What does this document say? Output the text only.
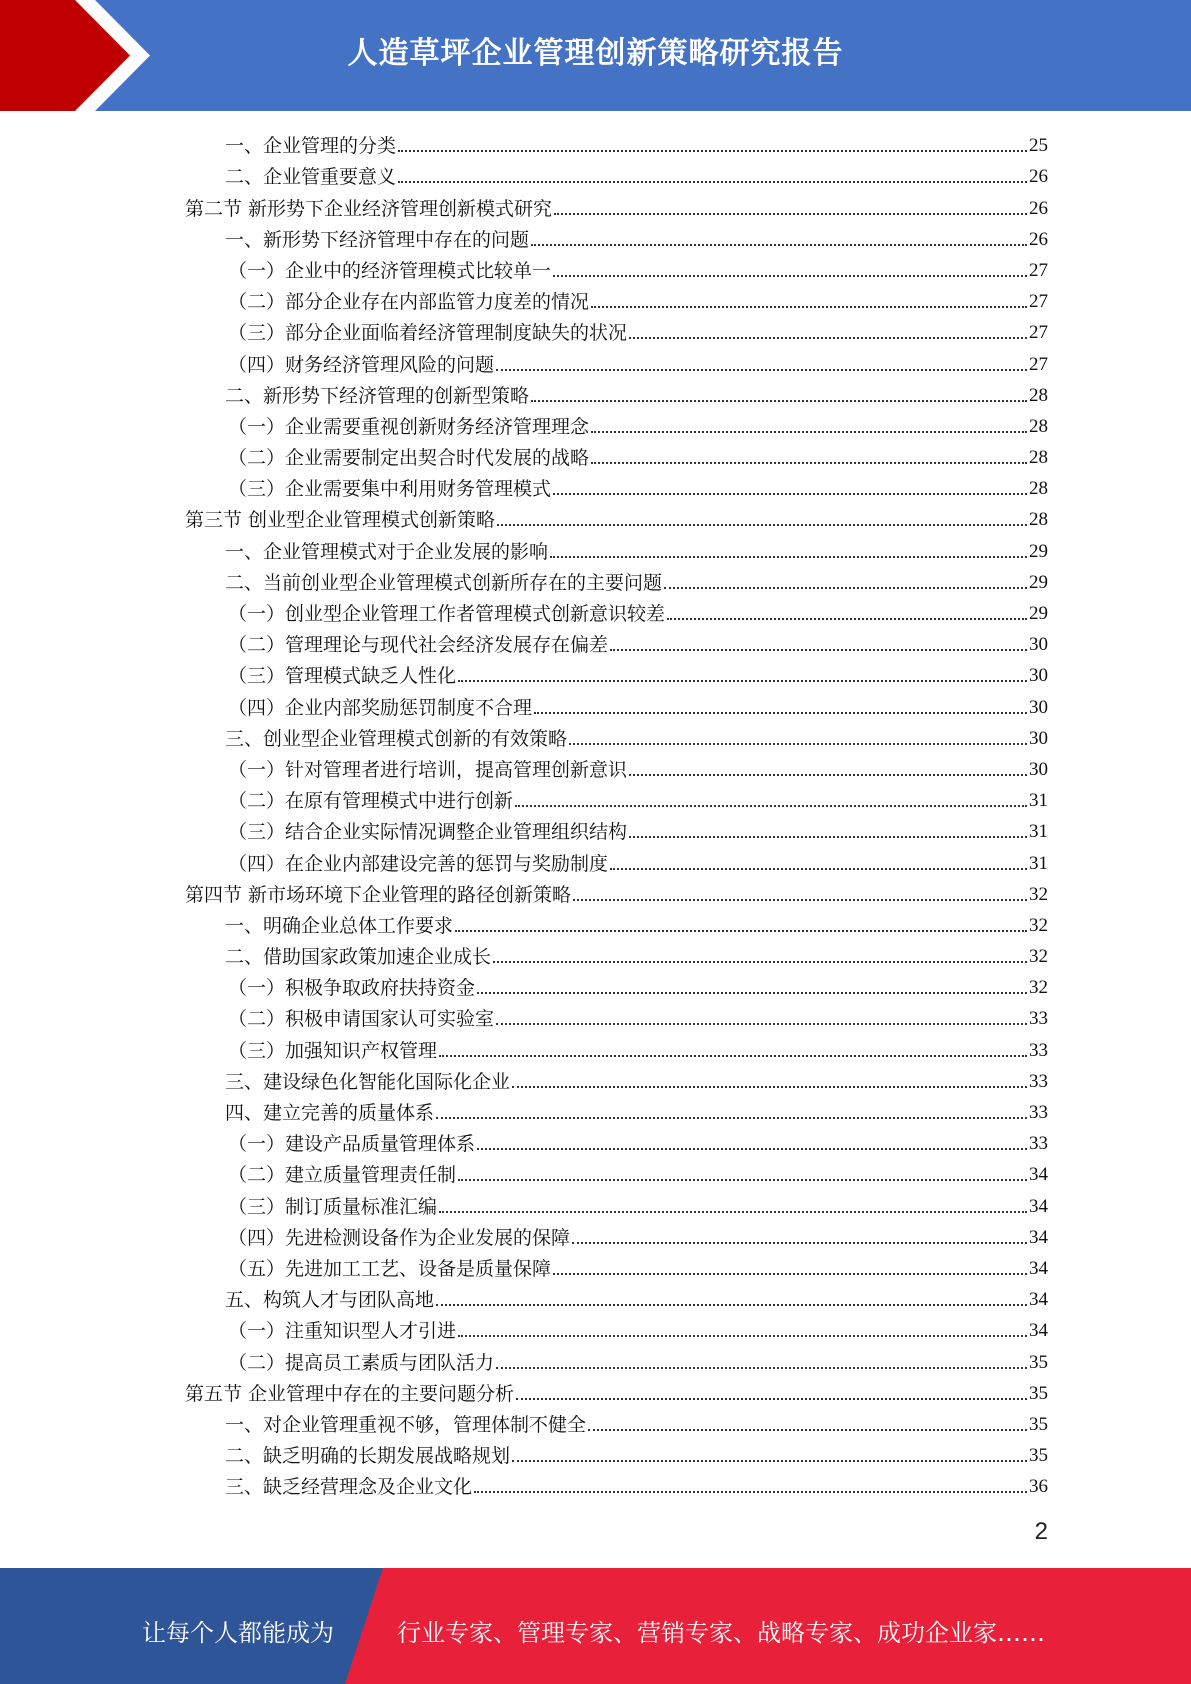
人造草坪企业管理创新策略研究报告
一、企业管理的分类	25
二、企业管重要意义	26
第二节 新形势下企业经济管理创新模式研究	26
一、新形势下经济管理中存在的问题	26
（一）企业中的经济管理模式比较单一	27
（二）部分企业存在内部监管力度差的情况	27
（三）部分企业面临着经济管理制度缺失的状况	27
（四）财务经济管理风险的问题	27
二、新形势下经济管理的创新型策略	28
（一）企业需要重视创新财务经济管理理念	28
（二）企业需要制定出契合时代发展的战略	28
（三）企业需要集中利用财务管理模式	28
第三节 创业型企业管理模式创新策略	28
一、企业管理模式对于企业发展的影响	29
二、当前创业型企业管理模式创新所存在的主要问题	29
（一）创业型企业管理工作者管理模式创新意识较差	29
（二）管理理论与现代社会经济发展存在偏差	30
（三）管理模式缺乏人性化	30
（四）企业内部奖励惩罚制度不合理	30
三、创业型企业管理模式创新的有效策略	30
（一）针对管理者进行培训，提高管理创新意识	30
（二）在原有管理模式中进行创新	31
（三）结合企业实际情况调整企业管理组织结构	31
（四）在企业内部建设完善的惩罚与奖励制度	31
第四节 新市场环境下企业管理的路径创新策略	32
一、明确企业总体工作要求	32
二、借助国家政策加速企业成长	32
（一）积极争取政府扶持资金	32
（二）积极申请国家认可实验室	33
（三）加强知识产权管理	33
三、建设绿色化智能化国际化企业	33
四、建立完善的质量体系	33
（一）建设产品质量管理体系	33
（二）建立质量管理责任制	34
（三）制订质量标准汇编	34
（四）先进检测设备作为企业发展的保障	34
（五）先进加工工艺、设备是质量保障	34
五、构筑人才与团队高地	34
（一）注重知识型人才引进	34
（二）提高员工素质与团队活力	35
第五节 企业管理中存在的主要问题分析	35
一、对企业管理重视不够，管理体制不健全	35
二、缺乏明确的长期发展战略规划	35
三、缺乏经营理念及企业文化	36
2
让每个人都能成为	行业专家、管理专家、营销专家、战略专家、成功企业家……
